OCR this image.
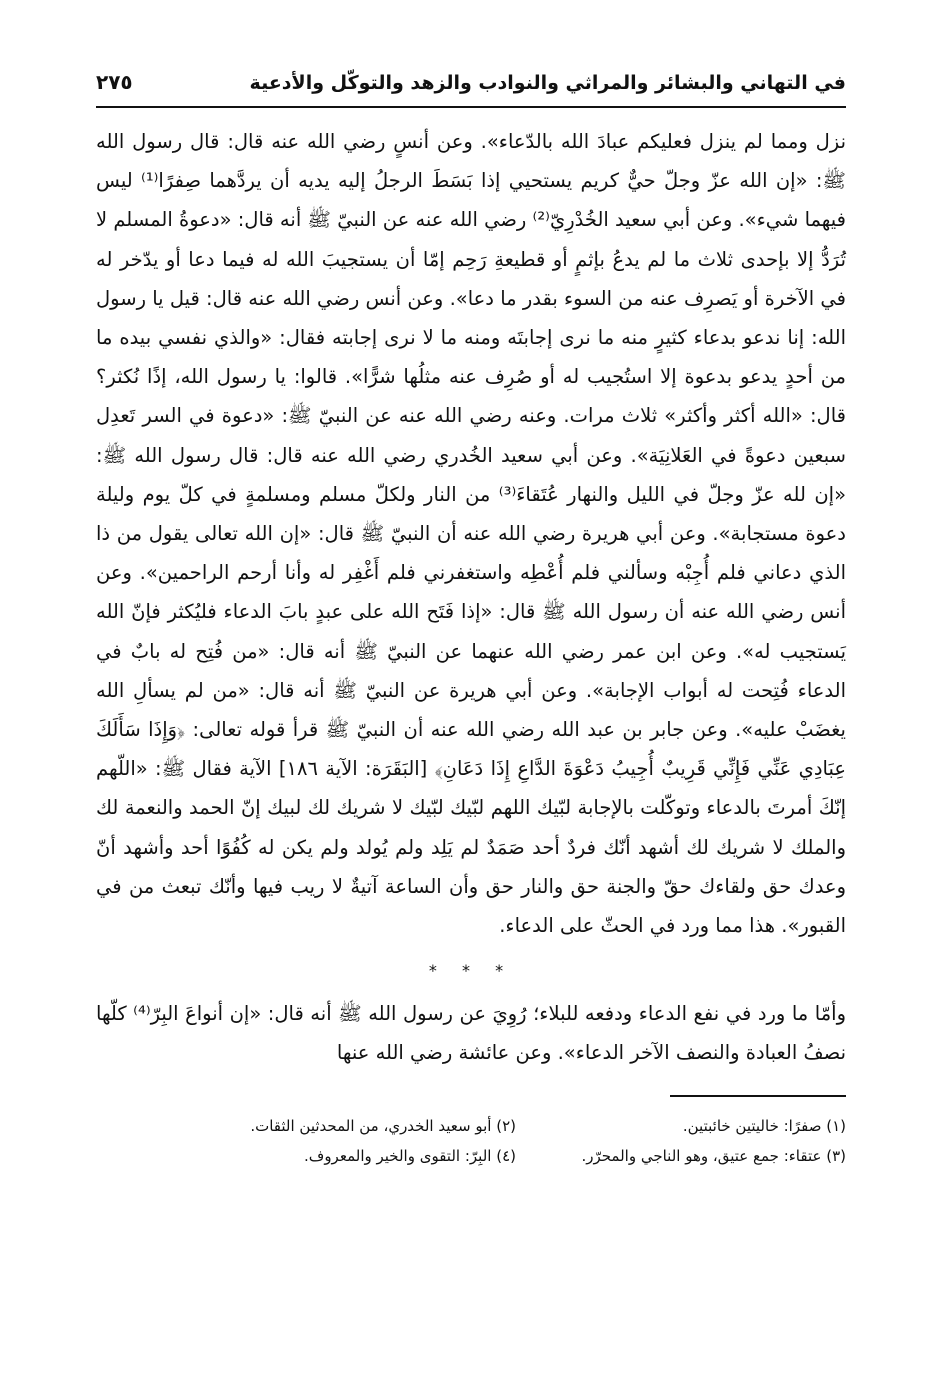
في التهاني والبشائر والمراثي والنوادب والزهد والتوكّل والأدعية
٢٧٥

نزل ومما لم ينزل فعليكم عبادَ الله بالدّعاء». وعن أنسٍ رضي الله عنه قال: قال رسول الله ﷺ: «إن الله عزّ وجلّ حيٌّ كريم يستحيي إذا بَسَطَ الرجلُ إليه يديه أن يردَّهما صِفرًا⁽¹⁾ ليس فيهما شيء». وعن أبي سعيد الخُدْرِيّ⁽²⁾ رضي الله عنه عن النبيّ ﷺ أنه قال: «دعوةُ المسلم لا تُرَدُّ إلا بإحدى ثلاث ما لم يدعُ بإثمٍ أو قطيعةِ رَحِم إمّا أن يستجيبَ الله له فيما دعا أو يدّخر له في الآخرة أو يَصرِف عنه من السوء بقدر ما دعا». وعن أنس رضي الله عنه قال: قيل يا رسول الله: إنا ندعو بدعاء كثيرٍ منه ما نرى إجابتَه ومنه ما لا نرى إجابته فقال: «والذي نفسي بيده ما من أحدٍ يدعو بدعوة إلا استُجيب له أو صُرِف عنه مثلُها شرًّا». قالوا: يا رسول الله، إذًا نُكثر؟ قال: «الله أكثر وأكثر» ثلاث مرات. وعنه رضي الله عنه عن النبيّ ﷺ: «دعوة في السر تَعدِل سبعين دعوةً في العَلانِيَة». وعن أبي سعيد الخُدري رضي الله عنه قال: قال رسول الله ﷺ: «إن لله عزّ وجلّ في الليل والنهار عُتَقاءَ⁽³⁾ من النار ولكلّ مسلم ومسلمةٍ في كلّ يوم وليلة دعوة مستجابة». وعن أبي هريرة رضي الله عنه أن النبيّ ﷺ قال: «إن الله تعالى يقول من ذا الذي دعاني فلم أُجِبْه وسألني فلم أُعْطِه واستغفرني فلم أَغْفِر له وأنا أرحم الراحمين». وعن أنس رضي الله عنه أن رسول الله ﷺ قال: «إذا فَتَح الله على عبدٍ بابَ الدعاء فليُكثر فإنّ الله يَستجيب له». وعن ابن عمر رضي الله عنهما عن النبيّ ﷺ أنه قال: «من فُتِح له بابٌ في الدعاء فُتِحت له أبواب الإجابة». وعن أبي هريرة عن النبيّ ﷺ أنه قال: «من لم يسألِ الله يغضَبْ عليه». وعن جابر بن عبد الله رضي الله عنه أن النبيّ ﷺ قرأ قوله تعالى: ﴿وَإِذَا سَأَلَكَ عِبَادِي عَنِّي فَإِنِّي قَرِيبٌ أُجِيبُ دَعْوَةَ الدَّاعِ إِذَا دَعَانِ﴾ [البَقَرَة: الآية ١٨٦] الآية فقال ﷺ: «اللّهم إنّكَ أمرتَ بالدعاء وتوكّلت بالإجابة لبّيك اللهم لبّيك لبّيك لا شريك لك لبيك إنّ الحمد والنعمة لك والملك لا شريك لك أشهد أنّك فردٌ أحد صَمَدٌ لم يَلِد ولم يُولد ولم يكن له كُفُوًا أحد وأشهد أنّ وعدك حق ولقاءك حقّ والجنة حق والنار حق وأن الساعة آتيةٌ لا ريب فيها وأنّك تبعث من في القبور». هذا مما ورد في الحثّ على الدعاء.

* * *

وأمّا ما ورد في نفع الدعاء ودفعه للبلاء؛ رُوِيَ عن رسول الله ﷺ أنه قال: «إن أنواعَ البِرّ⁽⁴⁾ كلّها نصفُ العبادة والنصف الآخر الدعاء». وعن عائشة رضي الله عنها

(١) صفرًا: خاليتين خائبتين.
(٢) أبو سعيد الخدري، من المحدثين الثقات.
(٣) عتقاء: جمع عتيق، وهو الناجي والمحرّر.
(٤) البِرّ: التقوى والخير والمعروف.
